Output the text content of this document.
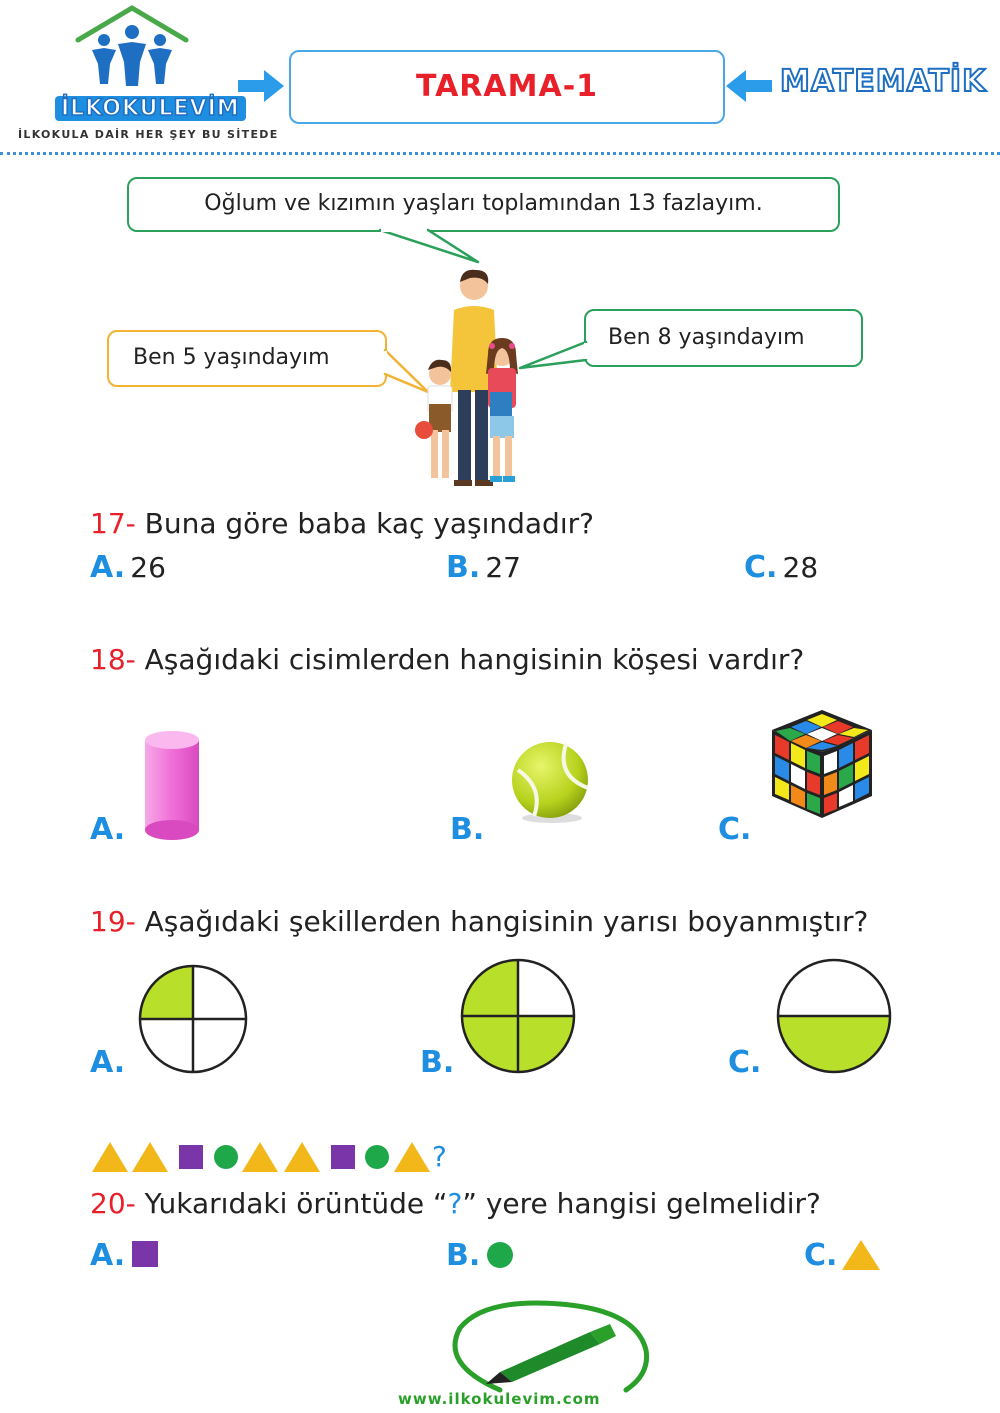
İLKOKULEVİM
İLKOKULA DAİR HER ŞEY BU SİTEDE
TARAMA-1	MATEMATİK
Oğlum ve kızımın yaşları toplamından 13 fazlayım.
Ben 5 yaşındayım
Ben 8 yaşındayım
17- Buna göre baba kaç yaşındadır?
A. 26	B. 27	C. 28
18- Aşağıdaki cisimlerden hangisinin köşesi vardır?
A.	B.	C.
19- Aşağıdaki şekillerden hangisinin yarısı boyanmıştır?
A.	B.	C.
?
20- Yukarıdaki örüntüde “?” yere hangisi gelmelidir?
A.	B.	C.
www.ilkokulevim.com
